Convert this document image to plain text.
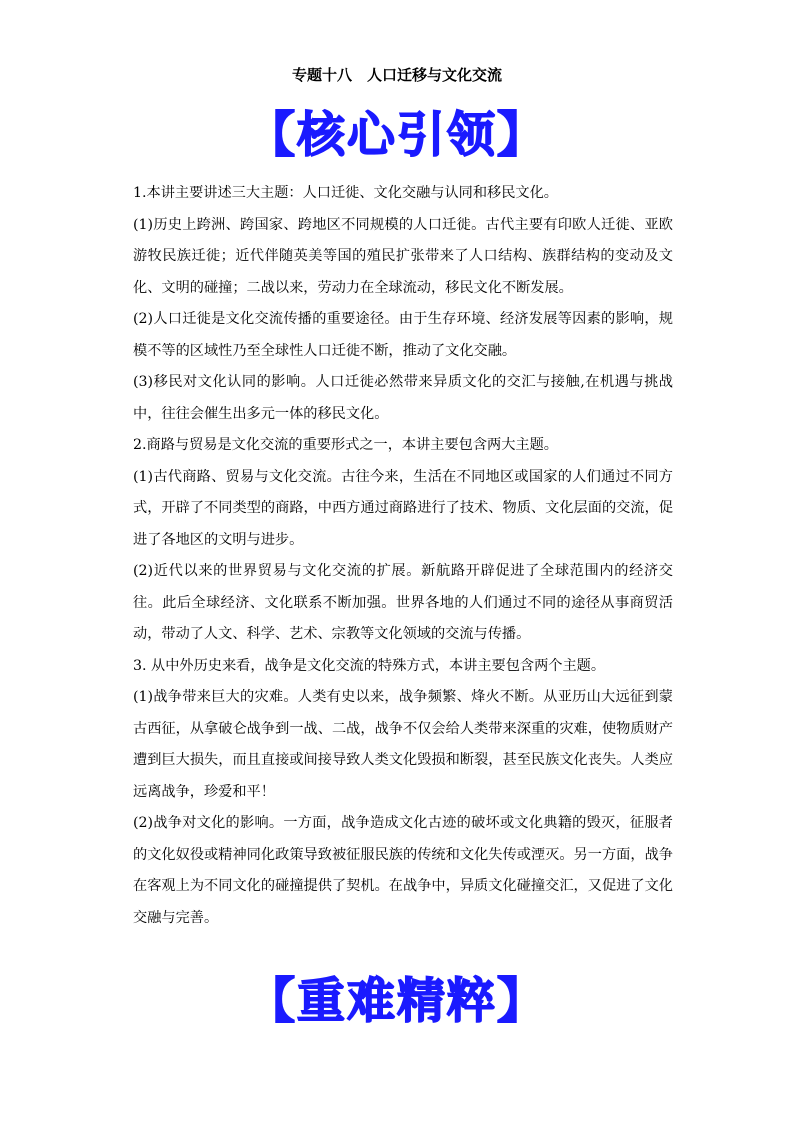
专题十八　人口迁移与文化交流
【核心引领】

1.本讲主要讲述三大主题：人口迁徙、文化交融与认同和移民文化。

(1)历史上跨洲、跨国家、跨地区不同规模的人口迁徙。古代主要有印欧人迁徙、亚欧游牧民族迁徙；近代伴随英美等国的殖民扩张带来了人口结构、族群结构的变动及文化、文明的碰撞；二战以来，劳动力在全球流动，移民文化不断发展。

(2)人口迁徙是文化交流传播的重要途径。由于生存环境、经济发展等因素的影响，规模不等的区域性乃至全球性人口迁徙不断，推动了文化交融。

(3)移民对文化认同的影响。人口迁徙必然带来异质文化的交汇与接触,在机遇与挑战中，往往会催生出多元一体的移民文化。

2.商路与贸易是文化交流的重要形式之一，本讲主要包含两大主题。

(1)古代商路、贸易与文化交流。古往今来，生活在不同地区或国家的人们通过不同方式，开辟了不同类型的商路，中西方通过商路进行了技术、物质、文化层面的交流，促进了各地区的文明与进步。

(2)近代以来的世界贸易与文化交流的扩展。新航路开辟促进了全球范围内的经济交往。此后全球经济、文化联系不断加强。世界各地的人们通过不同的途径从事商贸活动，带动了人文、科学、艺术、宗教等文化领域的交流与传播。

3. 从中外历史来看，战争是文化交流的特殊方式，本讲主要包含两个主题。

(1)战争带来巨大的灾难。人类有史以来，战争频繁、烽火不断。从亚历山大远征到蒙古西征，从拿破仑战争到一战、二战，战争不仅会给人类带来深重的灾难，使物质财产遭到巨大损失，而且直接或间接导致人类文化毁损和断裂，甚至民族文化丧失。人类应远离战争，珍爱和平！

(2)战争对文化的影响。一方面，战争造成文化古迹的破坏或文化典籍的毁灭，征服者的文化奴役或精神同化政策导致被征服民族的传统和文化失传或湮灭。另一方面，战争在客观上为不同文化的碰撞提供了契机。在战争中，异质文化碰撞交汇，又促进了文化交融与完善。

【重难精粹】
